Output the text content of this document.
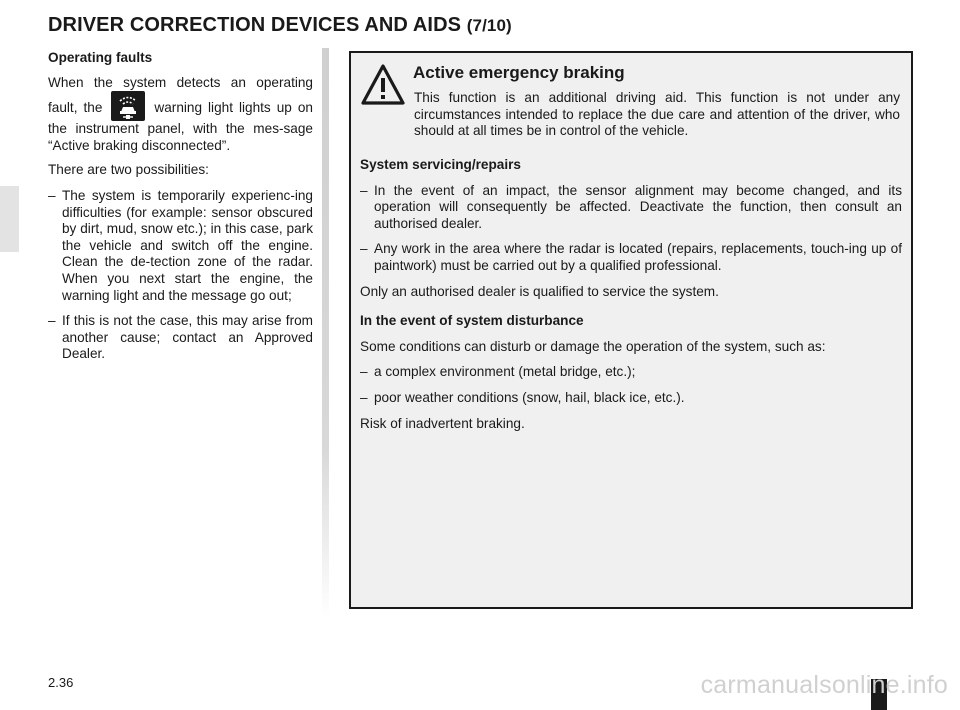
DRIVER CORRECTION DEVICES AND AIDS (7/10)

Operating faults

When the system detects an operating fault, the	warning light lights up on the instrument panel, with the mes-sage “Active braking disconnected”.

There are two possibilities:

– The system is temporarily experienc-ing difficulties (for example: sensor obscured by dirt, mud, snow etc.); in this case, park the vehicle and switch off the engine. Clean the de-tection zone of the radar. When you next start the engine, the warning light and the message go out;

– If this is not the case, this may arise from another cause; contact an Approved Dealer.

Active emergency braking

This function is an additional driving aid. This function is not under any circumstances intended to replace the due care and attention of the driver, who should at all times be in control of the vehicle.

System servicing/repairs

– In the event of an impact, the sensor alignment may become changed, and its operation will consequently be affected. Deactivate the function, then consult an authorised dealer.

– Any work in the area where the radar is located (repairs, replacements, touch-ing up of paintwork) must be carried out by a qualified professional.

Only an authorised dealer is qualified to service the system.

In the event of system disturbance

Some conditions can disturb or damage the operation of the system, such as:

– a complex environment (metal bridge, etc.);

– poor weather conditions (snow, hail, black ice, etc.).

Risk of inadvertent braking.

2.36	carmanualsonline.info
